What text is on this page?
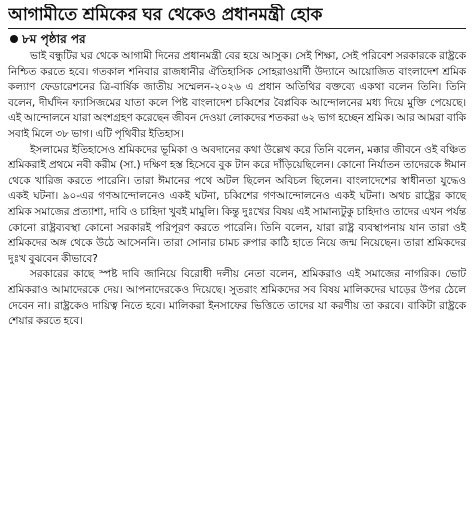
আগামীতে শ্রমিকের ঘর থেকেও প্রধানমন্ত্রী হোক
৮ম পৃষ্ঠার পর

ভাই বন্ধুটির ঘর থেকে আগামী দিনের প্রধানমন্ত্রী বের হয়ে আসুক। সেই শিক্ষা, সেই পরিবেশ সরকারকে রাষ্ট্রকে নিশ্চিত করতে হবে। গতকাল শনিবার রাজধানীর ঐতিহাসিক সোহরাওয়ার্দী উদ্যানে আয়োজিত বাংলাদেশ শ্রমিক কল্যাণ ফেডারেশনের ত্রি-বার্ষিক জাতীয় সম্মেলন-২০২৬ এ প্রধান অতিথির বক্তব্যে একথা বলেন তিনি। তিনি বলেন, দীর্ঘদিন ফ্যাসিজমের যাতা কলে পিষ্ট বাংলাদেশ চব্বিশের বৈপ্লবিক আন্দোলনের মধ্য দিয়ে মুক্তি পেয়েছে। এই আন্দোলনে যারা অংশগ্রহণ করেছেন জীবন দেওয়া লোকদের শতকরা ৬২ ভাগ হচ্ছেন শ্রমিক। আর আমরা বাকি সবাই মিলে ৩৮ ভাগ। এটি পৃথিবীর ইতিহাস।

ইসলামের ইতিহাসেও শ্রমিকদের ভূমিকা ও অবদানের কথা উল্লেখ করে তিনি বলেন, মক্কার জীবনে ওই বঞ্চিত শ্রমিকরাই প্রথমে নবী করীম (সা.) দক্ষিণ হস্ত হিসেবে বুক টান করে দাঁড়িয়েছিলেন। কোনো নির্যাতন তাদেরকে ঈমান থেকে খারিজ করতে পারেনি। তারা ঈমানের পথে অটল ছিলেন অবিচল ছিলেন। বাংলাদেশের স্বাধীনতা যুদ্ধেও একই ঘটনা। ৯০-এর গণআন্দোলনেও একই ঘটনা, চব্বিশের গণআন্দোলনেও একই ঘটনা। অথচ রাষ্ট্রের কাছে শ্রমিক সমাজের প্রত্যাশা, দাবি ও চাহিদা খুবই মামুলি। কিন্তু দুঃখের বিষয় এই সামান্যটুকু চাহিদাও তাদের এখন পর্যন্ত কোনো রাষ্ট্রব্যবস্থা কোনো সরকারই পরিপূরণ করতে পারেনি। তিনি বলেন, যারা রাষ্ট্র ব্যবস্থাপনায় যান তারা ওই শ্রমিকদের অঙ্গ থেকে উঠে আসেননি। তারা সোনার চামচ রুপার কাঠি হাতে নিয়ে জন্ম নিয়েছেন। তারা শ্রমিকদের দুঃখ বুঝবেন কীভাবে?

সরকারের কাছে স্পষ্ট দাবি জানিয়ে বিরোধী দলীয় নেতা বলেন, শ্রমিকরাও এই সমাজের নাগরিক। ভোট শ্রমিকরাও আমাদেরকে দেয়। আপনাদেরকেও দিয়েছে। সুতরাং শ্রমিকদের সব বিষয় মালিকদের ঘাড়ের উপর ঠেলে দেবেন না। রাষ্ট্রকেও দায়িত্ব নিতে হবে। মালিকরা ইনসাফের ভিত্তিতে তাদের যা করণীয় তা করবে। বাকিটা রাষ্ট্রকে শেয়ার করতে হবে।
